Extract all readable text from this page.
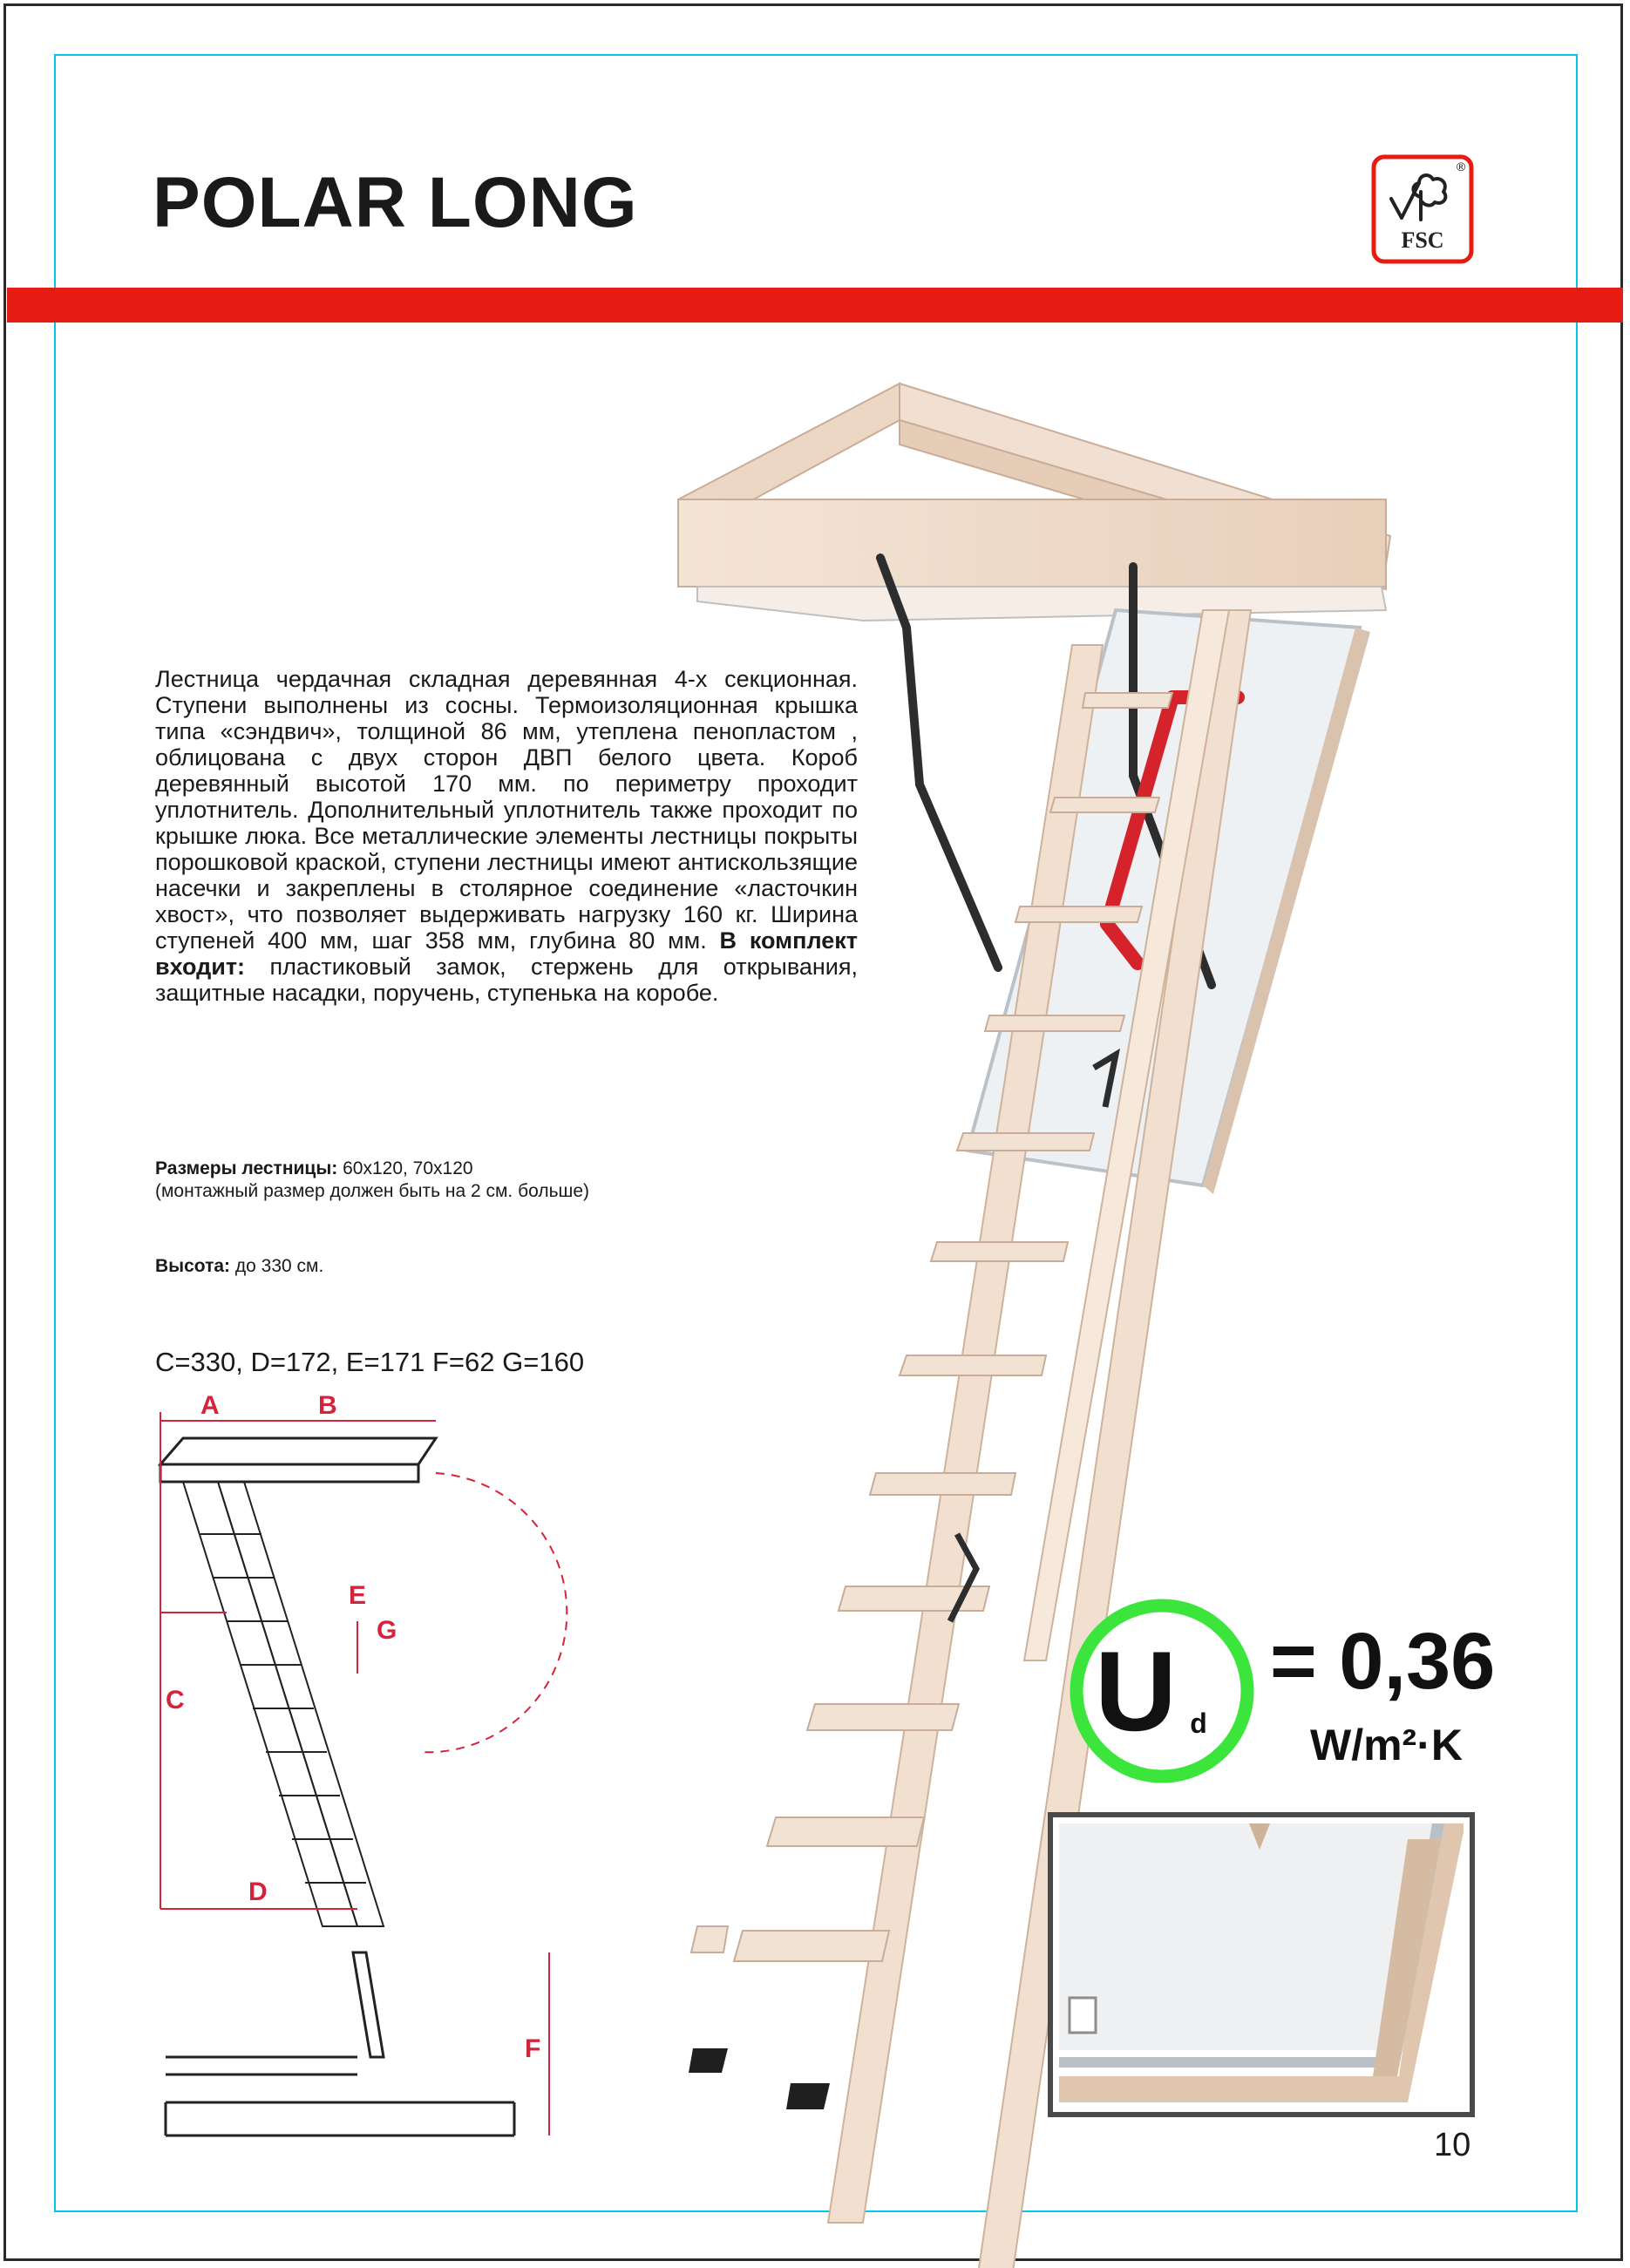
POLAR LONG	®
FSC

Лестница чердачная складная деревянная 4-х секционная. Ступени выполнены из сосны. Термоизоляционная крышка типа «сэндвич», толщиной 86 мм, утеплена пенопластом , облицована с двух сторон ДВП белого цвета. Короб деревянный высотой 170 мм. по периметру проходит уплотнитель. Дополнительный уплотнитель также проходит по крышке люка. Все металлические элементы лестницы покрыты порошковой краской, ступени лестницы имеют антискользящие насечки и закреплены в столярное соединение «ласточкин хвост», что позволяет выдерживать нагрузку 160 кг. Ширина ступеней 400 мм, шаг 358 мм, глубина 80 мм. В комплект входит: пластиковый замок, стержень для открывания, защитные насадки, поручень, ступенька на коробе.

Размеры лестницы: 60x120, 70x120
(монтажный размер должен быть на 2 см. больше)
Высота: до 330 см.

C=330, D=172, E=171 F=62 G=160

A	B
C
D
E
G
F
U d
= 0,36
W/m²·K

10
